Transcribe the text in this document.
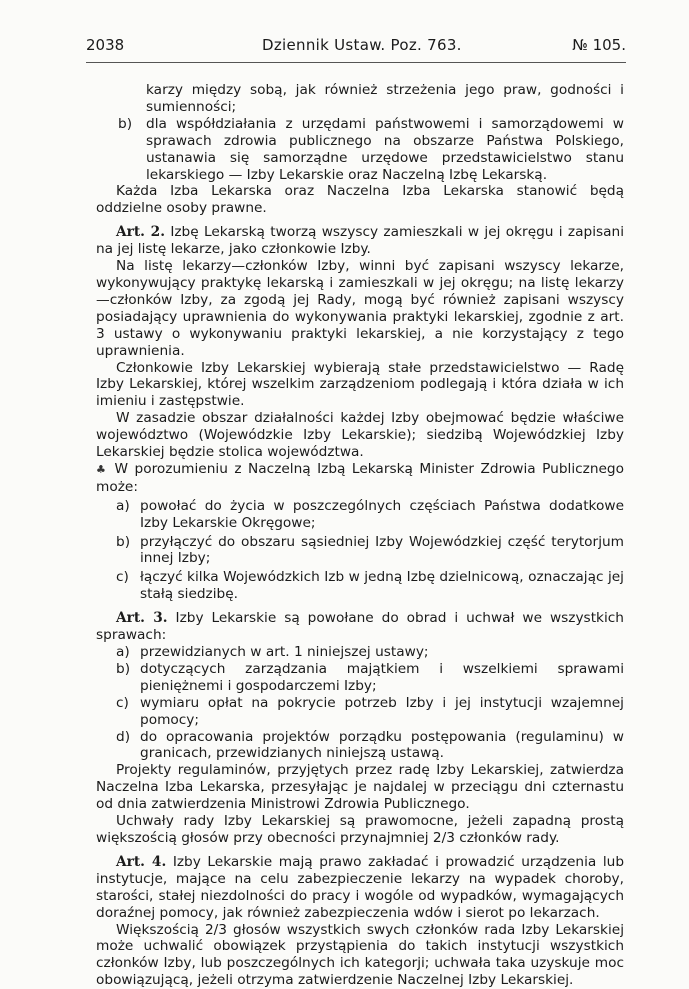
2038	Dziennik Ustaw. Poz. 763.	№ 105.

karzy między sobą, jak również strzeżenia jego praw, godności i sumienności;

b) dla współdziałania z urzędami państwowemi i samorządowemi w sprawach zdrowia publicznego na obszarze Państwa Polskiego, ustanawia się samorządne urzędowe przedstawicielstwo stanu lekarskiego — Izby Lekarskie oraz Naczelną Izbę Lekarską.

Każda Izba Lekarska oraz Naczelna Izba Lekarska stanowić będą oddzielne osoby prawne.

Art. 2. Izbę Lekarską tworzą wszyscy zamieszkali w jej okręgu i zapisani na jej listę lekarze, jako członkowie Izby.

Na listę lekarzy—członków Izby, winni być zapisani wszyscy lekarze, wykonywujący praktykę lekarską i zamieszkali w jej okręgu; na listę lekarzy—członków Izby, za zgodą jej Rady, mogą być również zapisani wszyscy posiadający uprawnienia do wykonywania praktyki lekarskiej, zgodnie z art. 3 ustawy o wykonywaniu praktyki lekarskiej, a nie korzystający z tego uprawnienia.

Członkowie Izby Lekarskiej wybierają stałe przedstawicielstwo — Radę Izby Lekarskiej, której wszelkim zarządzeniom podlegają i która działa w ich imieniu i zastępstwie.

W zasadzie obszar działalności każdej Izby obejmować będzie właściwe województwo (Wojewódzkie Izby Lekarskie); siedzibą Wojewódzkiej Izby Lekarskiej będzie stolica województwa.

♣ W porozumieniu z Naczelną Izbą Lekarską Minister Zdrowia Publicznego może:

a) powołać do życia w poszczególnych częściach Państwa dodatkowe Izby Lekarskie Okręgowe;
b) przyłączyć do obszaru sąsiedniej Izby Wojewódzkiej część terytorjum innej Izby;
c) łączyć kilka Wojewódzkich Izb w jedną Izbę dzielnicową, oznaczając jej stałą siedzibę.

Art. 3. Izby Lekarskie są powołane do obrad i uchwał we wszystkich sprawach:

a) przewidzianych w art. 1 niniejszej ustawy;
b) dotyczących zarządzania majątkiem i wszelkiemi sprawami pieniężnemi i gospodarczemi Izby;
c) wymiaru opłat na pokrycie potrzeb Izby i jej instytucji wzajemnej pomocy;
d) do opracowania projektów porządku postępowania (regulaminu) w granicach, przewidzianych niniejszą ustawą.

Projekty regulaminów, przyjętych przez radę Izby Lekarskiej, zatwierdza Naczelna Izba Lekarska, przesyłając je najdalej w przeciągu dni czternastu od dnia zatwierdzenia Ministrowi Zdrowia Publicznego.

Uchwały rady Izby Lekarskiej są prawomocne, jeżeli zapadną prostą większością głosów przy obecności przynajmniej 2/3 członków rady.

Art. 4. Izby Lekarskie mają prawo zakładać i prowadzić urządzenia lub instytucje, mające na celu zabezpieczenie lekarzy na wypadek choroby, starości, stałej niezdolności do pracy i wogóle od wypadków, wymagających doraźnej pomocy, jak również zabezpieczenia wdów i sierot po lekarzach.

Większością 2/3 głosów wszystkich swych członków rada Izby Lekarskiej może uchwalić obowiązek przystąpienia do takich instytucji wszystkich członków Izby, lub poszczególnych ich kategorji; uchwała taka uzyskuje moc obowiązującą, jeżeli otrzyma zatwierdzenie Naczelnej Izby Lekarskiej.
